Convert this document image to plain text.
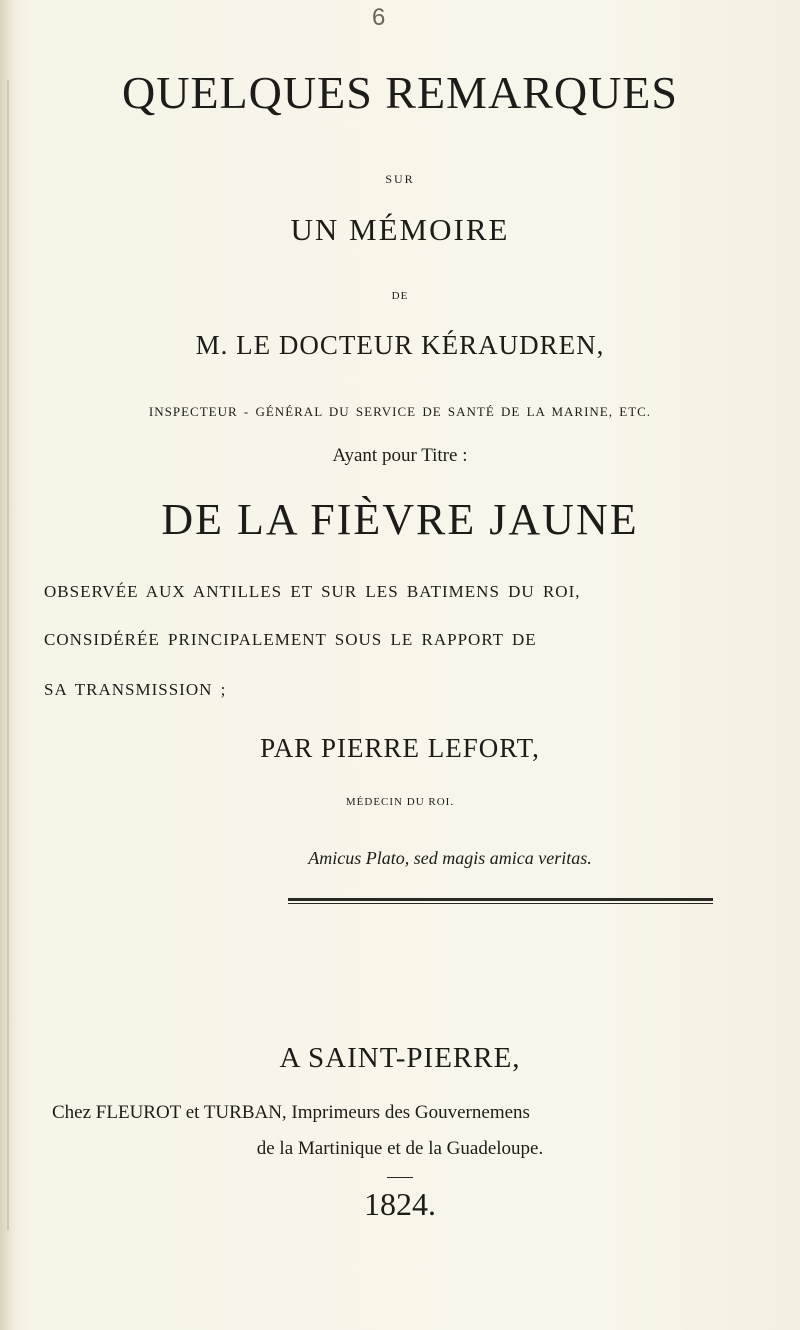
6
QUELQUES REMARQUES
SUR
UN MÉMOIRE
DE
M. LE DOCTEUR KÉRAUDREN,
INSPECTEUR - GÉNÉRAL DU SERVICE DE SANTÉ DE LA MARINE, ETC.
Ayant pour Titre :
DE LA FIÈVRE JAUNE
OBSERVÉE AUX ANTILLES ET SUR LES BATIMENS DU ROI,
CONSIDÉRÉE PRINCIPALEMENT SOUS LE RAPPORT DE
SA TRANSMISSION ;
PAR PIERRE LEFORT,
MÉDECIN DU ROI.
Amicus Plato, sed magis amica veritas.
A SAINT-PIERRE,
Chez FLEUROT et TURBAN, Imprimeurs des Gouvernemens
de la Martinique et de la Guadeloupe.
1824.
